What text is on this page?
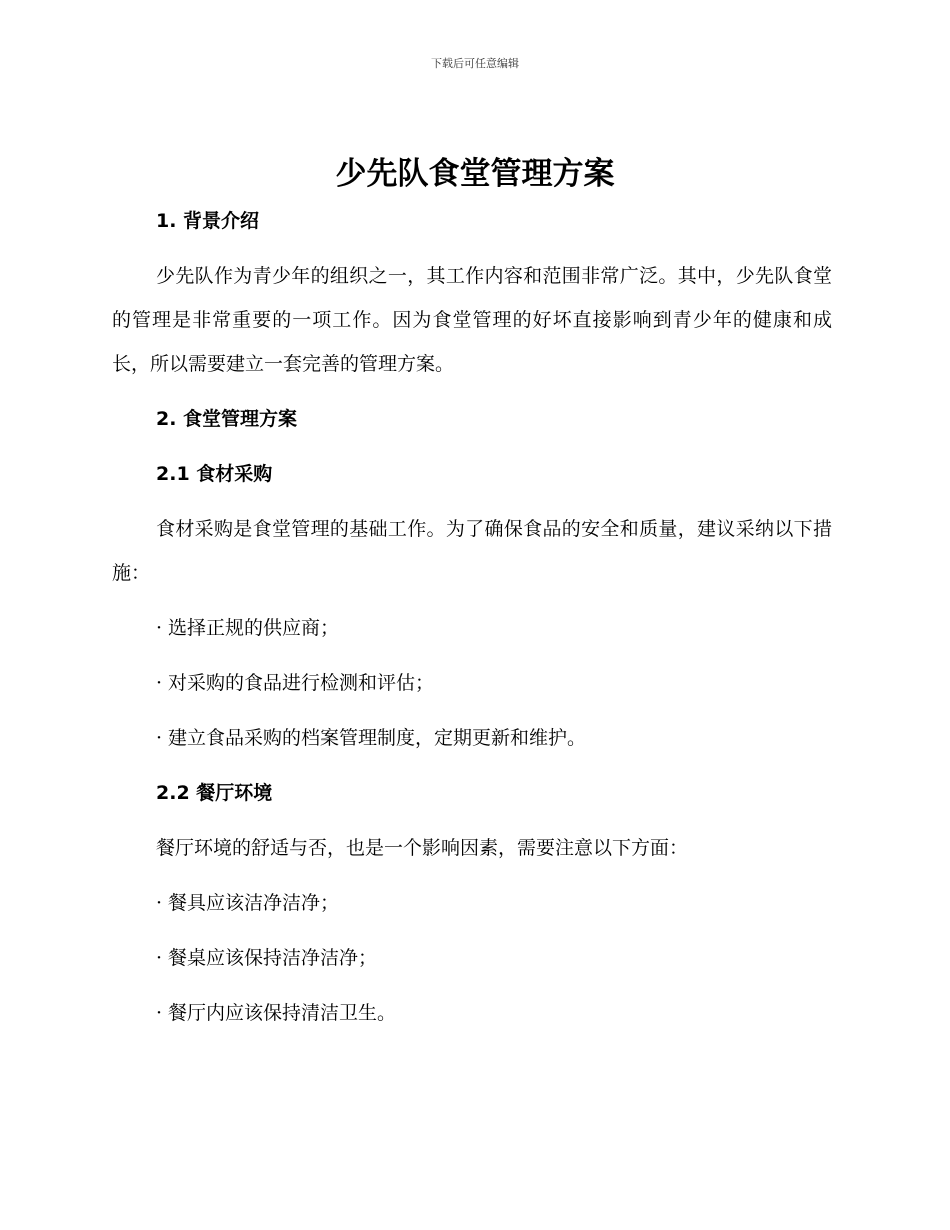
下载后可任意编辑
少先队食堂管理方案
1. 背景介绍

少先队作为青少年的组织之一，其工作内容和范围非常广泛。其中，少先队食堂的管理是非常重要的一项工作。因为食堂管理的好坏直接影响到青少年的健康和成长，所以需要建立一套完善的管理方案。

2. 食堂管理方案
2.1 食材采购

食材采购是食堂管理的基础工作。为了确保食品的安全和质量，建议采纳以下措施：

· 选择正规的供应商；
· 对采购的食品进行检测和评估；
· 建立食品采购的档案管理制度，定期更新和维护。
2.2 餐厅环境

餐厅环境的舒适与否，也是一个影响因素，需要注意以下方面：

· 餐具应该洁净洁净；
· 餐桌应该保持洁净洁净；
· 餐厅内应该保持清洁卫生。
